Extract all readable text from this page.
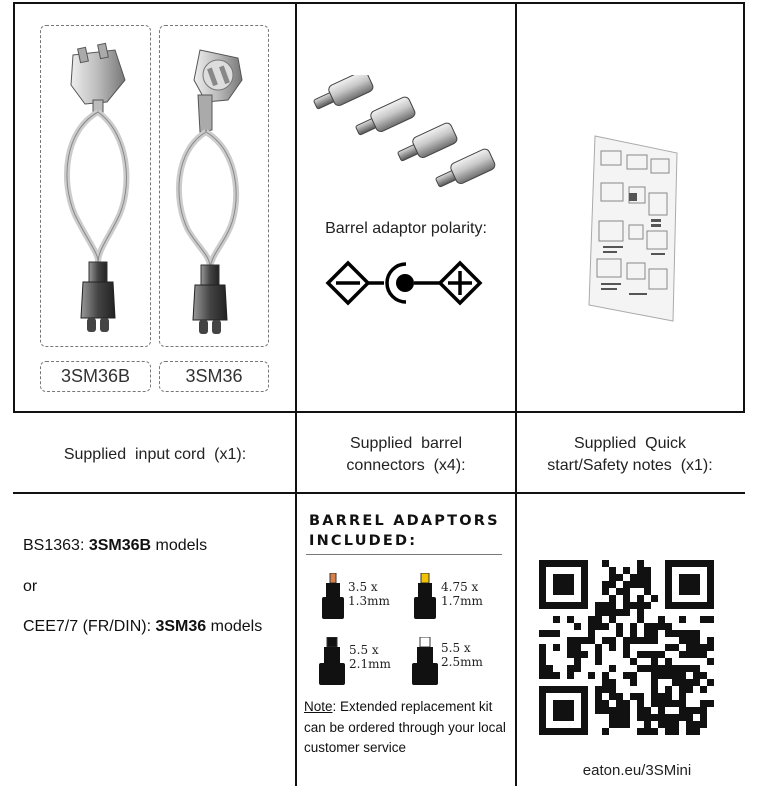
3SM36B	3SM36
Barrel adaptor polarity:
Supplied  input cord  (x1):
Supplied  barrel
connectors  (x4):
Supplied  Quick
start/Safety notes  (x1):
BS1363: 3SM36B models
or
CEE7/7 (FR/DIN): 3SM36 models
BARREL ADAPTORS
INCLUDED:
3.5 x
1.3mm
4.75 x
1.7mm
5.5 x
2.1mm
5.5 x
2.5mm
Note: Extended replacement kit can be ordered through your local customer service
eaton.eu/3SMini
